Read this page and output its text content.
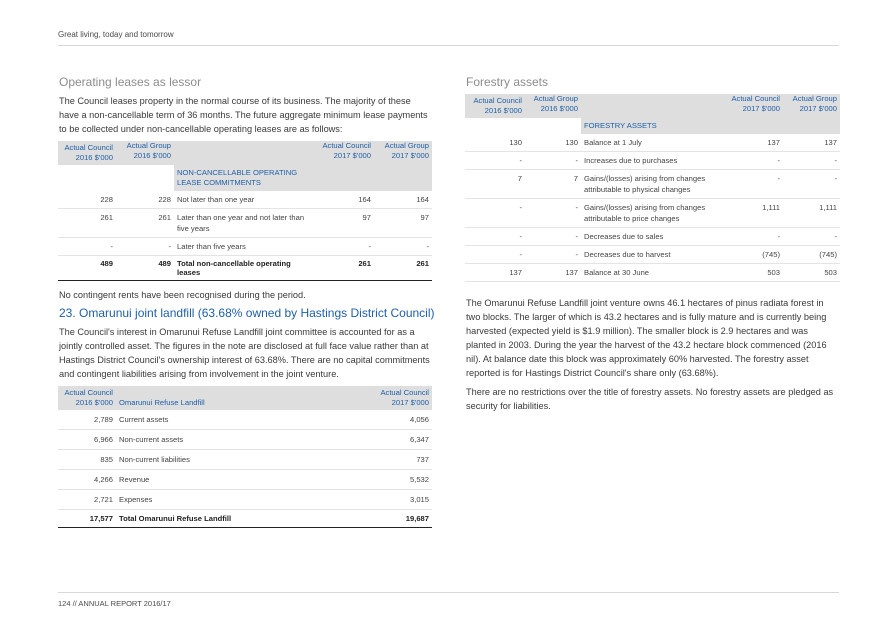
Great living, today and tomorrow
124 // ANNUAL REPORT 2016/17
Operating leases as lessor
The Council leases property in the normal course of its business. The majority of these have a non-cancellable term of 36 months. The future aggregate minimum lease payments to be collected under non-cancellable operating leases are as follows:
Actual Council 2016 $'000	Actual Group 2016 $'000		Actual Council 2017 $'000	Actual Group 2017 $'000
		NON-CANCELLABLE OPERATING LEASE COMMITMENTS		
228	228	Not later than one year	164	164
261	261	Later than one year and not later than five years	97	97
-	-	Later than five years	-	-
489	489	Total non-cancellable operating leases	261	261
No contingent rents have been recognised during the period.
23. Omarunui joint landfill (63.68% owned by Hastings District Council)
The Council's interest in Omarunui Refuse Landfill joint committee is accounted for as a jointly controlled asset. The figures in the note are disclosed at full face value rather than at Hastings District Council's ownership interest of 63.68%. There are no capital commitments and contingent liabilities arising from involvement in the joint venture.
Actual Council 2016 $'000	Omarunui Refuse Landfill	Actual Council 2017 $'000
2,789	Current assets	4,056
6,966	Non-current assets	6,347
835	Non-current liabilities	737
4,266	Revenue	5,532
2,721	Expenses	3,015
17,577	Total Omarunui Refuse Landfill	19,687
Forestry assets
Actual Council 2016 $'000	Actual Group 2016 $'000		Actual Council 2017 $'000	Actual Group 2017 $'000
		FORESTRY ASSETS		
130	130	Balance at 1 July	137	137
-	-	Increases due to purchases	-	-
7	7	Gains/(losses) arising from changes attributable to physical changes	-	-
-	-	Gains/(losses) arising from changes attributable to price changes	1,111	1,111
-	-	Decreases due to sales	-	-
-	-	Decreases due to harvest	(745)	(745)
137	137	Balance at 30 June	503	503
The Omarunui Refuse Landfill joint venture owns 46.1 hectares of pinus radiata forest in two blocks. The larger of which is 43.2 hectares and is fully mature and is currently being harvested (expected yield is $1.9 million). The smaller block is 2.9 hectares and was planted in 2003. During the year the harvest of the 43.2 hectare block commenced (2016 nil). At balance date this block was approximately 60% harvested. The forestry asset reported is for Hastings District Council's share only (63.68%).
There are no restrictions over the title of forestry assets. No forestry assets are pledged as security for liabilities.
